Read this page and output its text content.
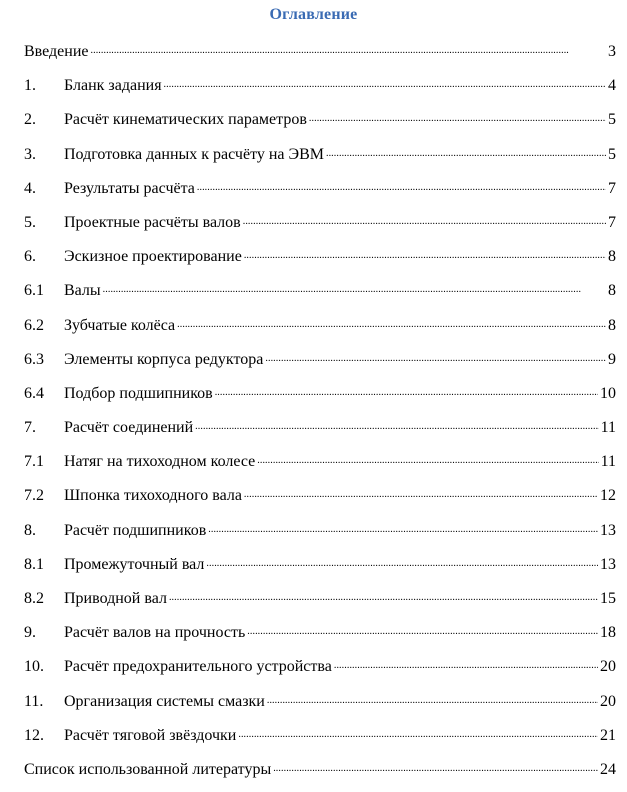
Оглавление
Введение . . .	3
1.	Бланк задания . . .	4
2.	Расчёт кинематических параметров . . .	5
3.	Подготовка данных к расчёту на ЭВМ . . .	5
4.	Результаты расчёта . . .	7
5.	Проектные расчёты валов . . .	7
6.	Эскизное проектирование . . .	8
6.1	Валы . . .	8
6.2	Зубчатые колёса . . .	8
6.3	Элементы корпуса редуктора . . .	9
6.4	Подбор подшипников . . .	10
7.	Расчёт соединений . . .	11
7.1	Натяг на тихоходном колесе . . .	11
7.2	Шпонка тихоходного вала . . .	12
8.	Расчёт подшипников . . .	13
8.1	Промежуточный вал . . .	13
8.2	Приводной вал . . .	15
9.	Расчёт валов на прочность . . .	18
10.	Расчёт предохранительного устройства . . .	20
11.	Организация системы смазки . . .	20
12.	Расчёт тяговой звёздочки . . .	21
Список использованной литературы . . .	24
